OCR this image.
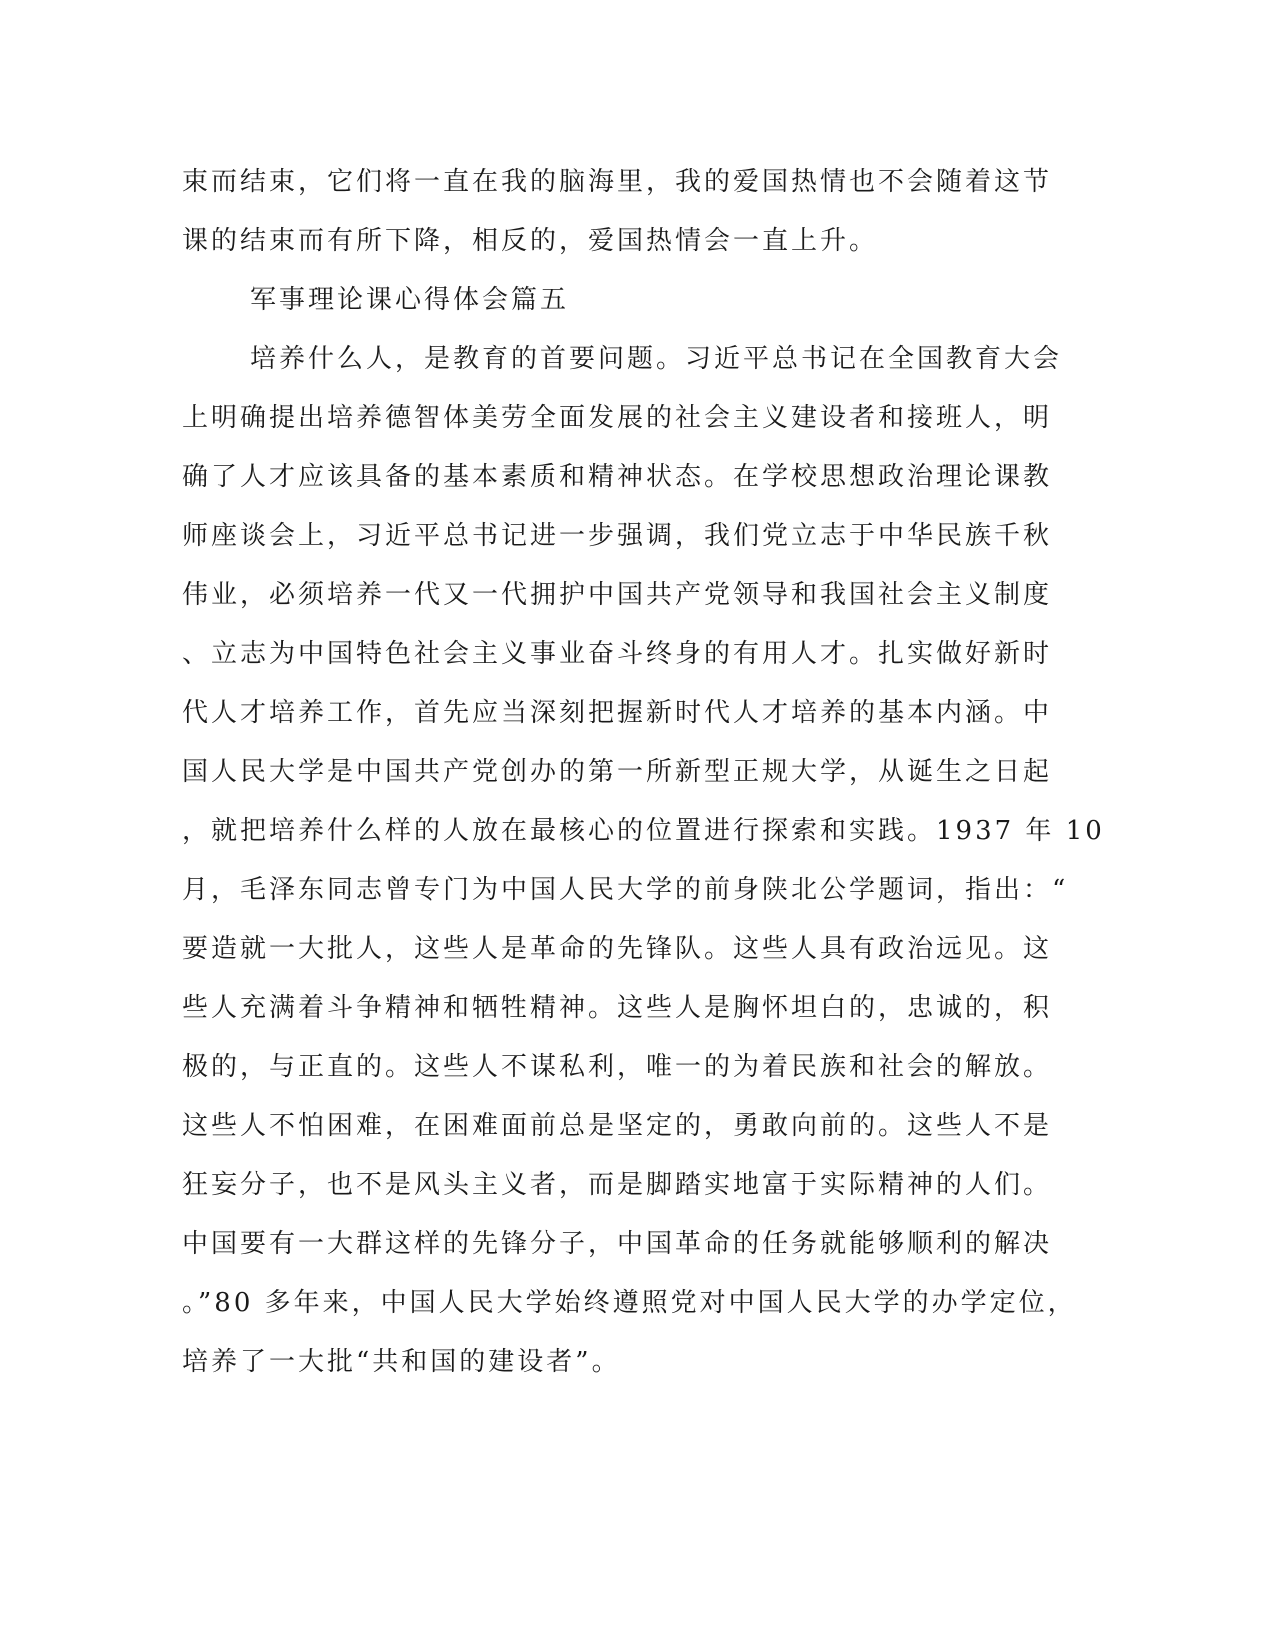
束而结束，它们将一直在我的脑海里，我的爱国热情也不会随着这节
课的结束而有所下降，相反的，爱国热情会一直上升。
军事理论课心得体会篇五
培养什么人，是教育的首要问题。习近平总书记在全国教育大会
上明确提出培养德智体美劳全面发展的社会主义建设者和接班人，明
确了人才应该具备的基本素质和精神状态。在学校思想政治理论课教
师座谈会上，习近平总书记进一步强调，我们党立志于中华民族千秋
伟业，必须培养一代又一代拥护中国共产党领导和我国社会主义制度
、立志为中国特色社会主义事业奋斗终身的有用人才。扎实做好新时
代人才培养工作，首先应当深刻把握新时代人才培养的基本内涵。中
国人民大学是中国共产党创办的第一所新型正规大学，从诞生之日起
，就把培养什么样的人放在最核心的位置进行探索和实践。1937 年 10
月，毛泽东同志曾专门为中国人民大学的前身陕北公学题词，指出：“
要造就一大批人，这些人是革命的先锋队。这些人具有政治远见。这
些人充满着斗争精神和牺牲精神。这些人是胸怀坦白的，忠诚的，积
极的，与正直的。这些人不谋私利，唯一的为着民族和社会的解放。
这些人不怕困难，在困难面前总是坚定的，勇敢向前的。这些人不是
狂妄分子，也不是风头主义者，而是脚踏实地富于实际精神的人们。
中国要有一大群这样的先锋分子，中国革命的任务就能够顺利的解决
。”80 多年来，中国人民大学始终遵照党对中国人民大学的办学定位，
培养了一大批“共和国的建设者”。
